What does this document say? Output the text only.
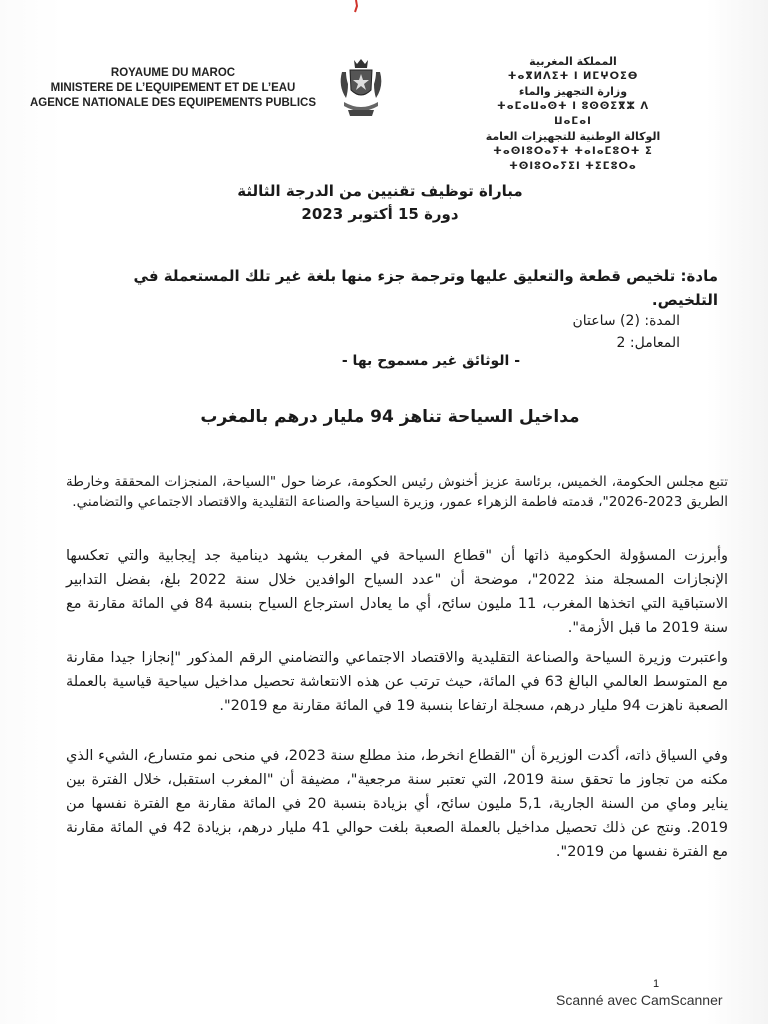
ROYAUME DU MAROC
MINISTERE DE L’EQUIPEMENT ET DE L’EAU
AGENCE NATIONALE DES EQUIPEMENTS PUBLICS
المملكة المغربية
ⵜⴰⴳⵍⴷⵉⵜ ⵏ ⵍⵎⵖⵔⵉⴱ
وزارة التجهيز والماء
ⵜⴰⵎⴰⵡⴰⵙⵜ ⵏ ⵓⵙⵙⵉⴳⵣ ⴷ ⵡⴰⵎⴰⵏ
الوكالة الوطنية للتجهيزات العامة
ⵜⴰⵙⵏⵓⵔⴰⵢⵜ ⵜⴰⵏⴰⵎⵓⵔⵜ ⵉ ⵜⵙⵏⵓⵔⴰⵢⵉⵏ ⵜⵉⵎⵓⵔⴰ
مباراة توظيف تقنيين من الدرجة الثالثة
دورة 15 أكتوبر 2023
مادة: تلخيص قطعة والتعليق عليها وترجمة جزء منها بلغة غير تلك المستعملة في
التلخيص.
المدة: (2) ساعتان
المعامل: 2
- الوثائق غير مسموح بها -
مداخيل السياحة تناهز 94 مليار درهم بالمغرب
تتبع مجلس الحكومة، الخميس، برئاسة عزيز أخنوش رئيس الحكومة، عرضا حول "السياحة، المنجزات المحققة وخارطة الطريق 2023-2026"، قدمته فاطمة الزهراء عمور، وزيرة السياحة والصناعة التقليدية والاقتصاد الاجتماعي والتضامني.
وأبرزت المسؤولة الحكومية ذاتها أن "قطاع السياحة في المغرب يشهد دينامية جد إيجابية والتي تعكسها الإنجازات المسجلة منذ 2022"، موضحة أن "عدد السياح الوافدين خلال سنة 2022 بلغ، بفضل التدابير الاستباقية التي اتخذها المغرب، 11 مليون سائح، أي ما يعادل استرجاع السياح بنسبة 84 في المائة مقارنة مع سنة 2019 ما قبل الأزمة".
واعتبرت وزيرة السياحة والصناعة التقليدية والاقتصاد الاجتماعي والتضامني الرقم المذكور "إنجازا جيدا مقارنة مع المتوسط العالمي البالغ 63 في المائة، حيث ترتب عن هذه الانتعاشة تحصيل مداخيل سياحية قياسية بالعملة الصعبة ناهزت 94 مليار درهم، مسجلة ارتفاعا بنسبة 19 في المائة مقارنة مع 2019".
وفي السياق ذاته، أكدت الوزيرة أن "القطاع انخرط، منذ مطلع سنة 2023، في منحى نمو متسارع، الشيء الذي مكنه من تجاوز ما تحقق سنة 2019، التي تعتبر سنة مرجعية"، مضيفة أن "المغرب استقبل، خلال الفترة بين يناير وماي من السنة الجارية، 5,1 مليون سائح، أي بزيادة بنسبة 20 في المائة مقارنة مع الفترة نفسها من 2019. ونتج عن ذلك تحصيل مداخيل بالعملة الصعبة بلغت حوالي 41 مليار درهم، بزيادة 42 في المائة مقارنة مع الفترة نفسها من 2019".
1
Scanné avec CamScanner
